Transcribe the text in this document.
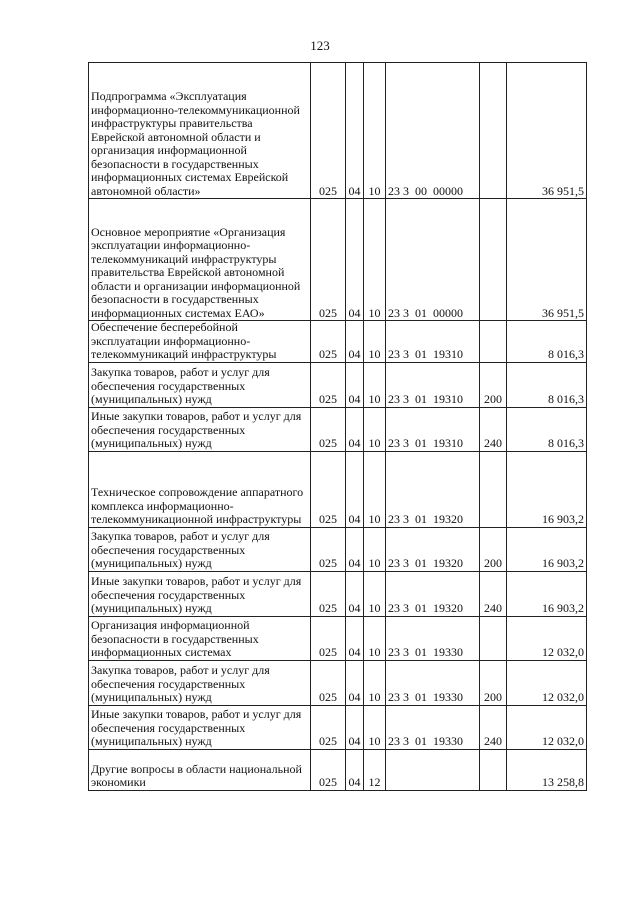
123
Подпрограмма «Эксплуатация информационно-телекоммуникационной инфраструктуры правительства Еврейской автономной области и организация информационной безопасности в государственных информационных системах Еврейской автономной области»	025	04	10	23 3  00  00000		36 951,5
Основное мероприятие «Организация эксплуатации информационно-телекоммуникаций инфраструктуры правительства Еврейской автономной области и организации информационной безопасности в государственных информационных системах ЕАО»	025	04	10	23 3  01  00000		36 951,5
Обеспечение бесперебойной эксплуатации информационно-телекоммуникаций инфраструктуры	025	04	10	23 3  01  19310		8 016,3
Закупка товаров, работ и услуг для обеспечения государственных (муниципальных) нужд	025	04	10	23 3  01  19310	200	8 016,3
Иные закупки товаров, работ и услуг для обеспечения государственных (муниципальных) нужд	025	04	10	23 3  01  19310	240	8 016,3
Техническое сопровождение аппаратного комплекса информационно-телекоммуникационной инфраструктуры	025	04	10	23 3  01  19320		16 903,2
Закупка товаров, работ и услуг для обеспечения государственных (муниципальных) нужд	025	04	10	23 3  01  19320	200	16 903,2
Иные закупки товаров, работ и услуг для обеспечения государственных (муниципальных) нужд	025	04	10	23 3  01  19320	240	16 903,2
Организация информационной безопасности в государственных информационных системах	025	04	10	23 3  01  19330		12 032,0
Закупка товаров, работ и услуг для обеспечения государственных (муниципальных) нужд	025	04	10	23 3  01  19330	200	12 032,0
Иные закупки товаров, работ и услуг для обеспечения государственных (муниципальных) нужд	025	04	10	23 3  01  19330	240	12 032,0
Другие вопросы в области национальной экономики	025	04	12			13 258,8
